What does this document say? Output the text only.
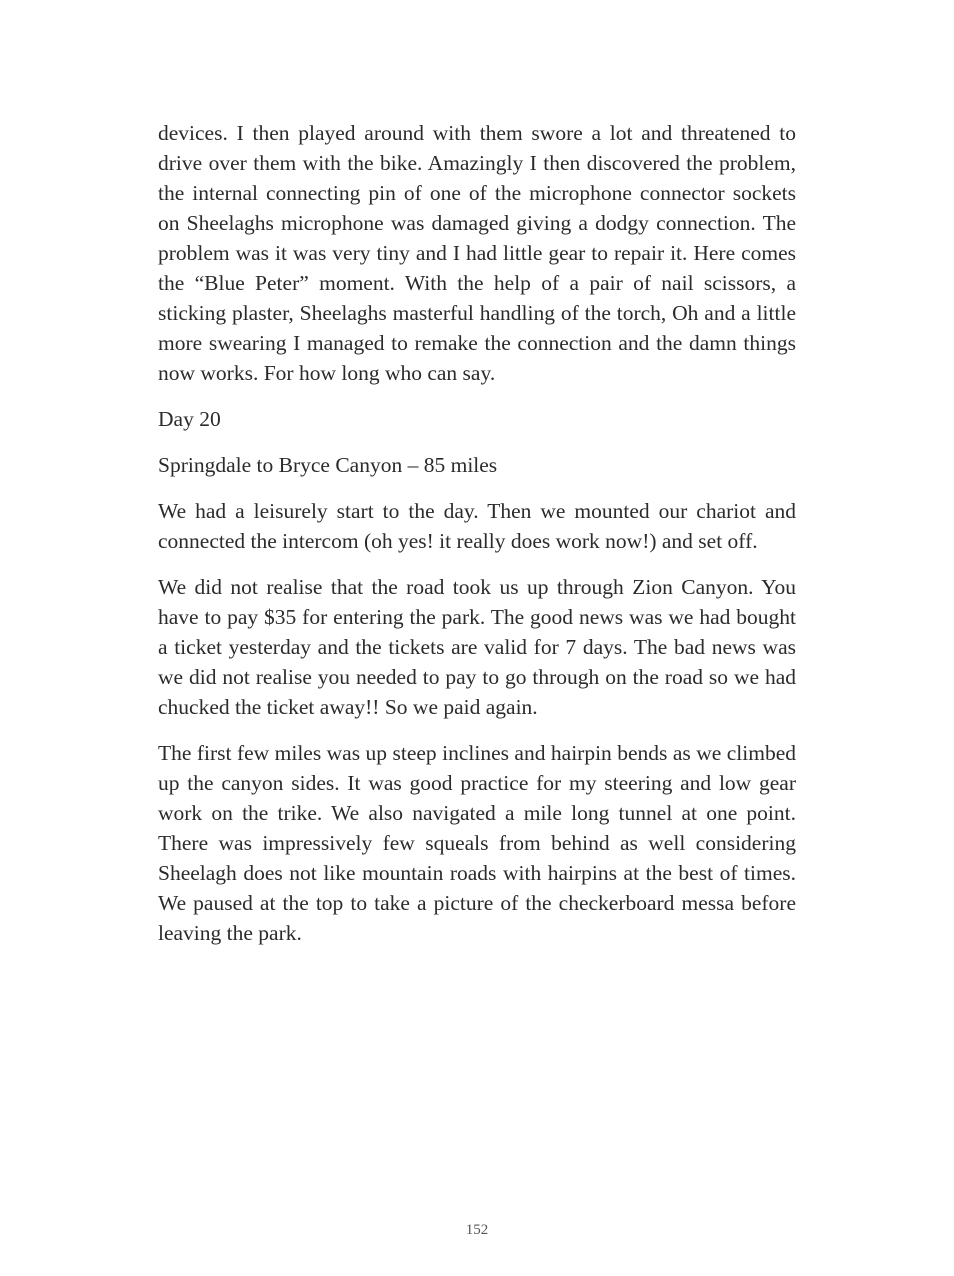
devices. I then played around with them swore a lot and threatened to drive over them with the bike. Amazingly I then discovered the problem, the internal connecting pin of one of the microphone connector sockets on Sheelaghs microphone was damaged giving a dodgy connection. The problem was it was very tiny and I had little gear to repair it. Here comes the “Blue Peter” moment. With the help of a pair of nail scissors, a sticking plaster, Sheelaghs masterful handling of the torch, Oh and a little more swearing I managed to remake the connection and the damn things now works. For how long who can say.

Day 20

Springdale to Bryce Canyon – 85 miles

We had a leisurely start to the day. Then we mounted our chariot and connected the intercom (oh yes! it really does work now!) and set off.

We did not realise that the road took us up through Zion Canyon. You have to pay $35 for entering the park. The good news was we had bought a ticket yesterday and the tickets are valid for 7 days. The bad news was we did not realise you needed to pay to go through on the road so we had chucked the ticket away!! So we paid again.

The first few miles was up steep inclines and hairpin bends as we climbed up the canyon sides. It was good practice for my steering and low gear work on the trike. We also navigated a mile long tunnel at one point. There was impressively few squeals from behind as well considering Sheelagh does not like mountain roads with hairpins at the best of times. We paused at the top to take a picture of the checkerboard messa before leaving the park.

152
